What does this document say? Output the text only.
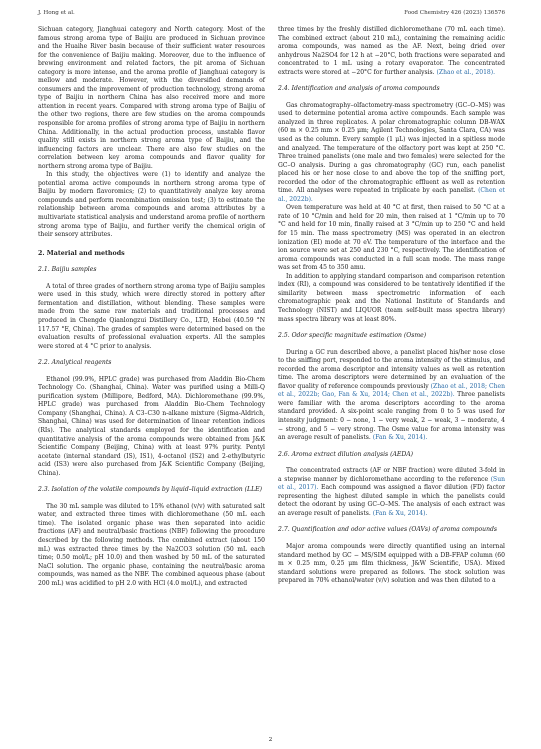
J. Hong et al.	Food Chemistry 426 (2023) 136576

Sichuan category, Jianghuai category and North category. Most of the famous strong aroma type of Baijiu are produced in Sichuan province and the Huaihe River basin because of their sufficient water resources for the convenience of Baijiu making. Moreover, due to the influence of brewing environment and related factors, the pit aroma of Sichuan category is more intense, and the aroma profile of Jianghuai category is mellow and moderate. However, with the diversified demands of consumers and the improvement of production technology, strong aroma type of Baijiu in northern China has also received more and more attention in recent years. Compared with strong aroma type of Baijiu of the other two regions, there are few studies on the aroma compounds responsible for aroma profiles of strong aroma type of Baijiu in northern China. Additionally, in the actual production process, unstable flavor quality still exists in northern strong aroma type of Baijiu, and the influencing factors are unclear. There are also few studies on the correlation between key aroma compounds and flavor quality for northern strong aroma type of Baijiu.

In this study, the objectives were (1) to identify and analyze the potential aroma active compounds in northern strong aroma type of Baijiu by modern flavoromics; (2) to quantitatively analyze key aroma compounds and perform recombination omission test; (3) to estimate the relationship between aroma compounds and aroma attributes by a multivariate statistical analysis and understand aroma profile of northern strong aroma type of Baijiu, and further verify the chemical origin of their sensory attributes.

2. Material and methods
2.1. Baijiu samples

A total of three grades of northern strong aroma type of Baijiu samples were used in this study, which were directly stored in pottery after fermentation and distillation, without blending. These samples were made from the same raw materials and traditional processes and produced in Chengde Qianlongzui Distillery Co., LTD, Hebei (40.59 °N 117.57 °E, China). The grades of samples were determined based on the evaluation results of professional evaluation experts. All the samples were stored at 4 °C prior to analysis.

2.2. Analytical reagents

Ethanol (99.9%, HPLC grade) was purchased from Aladdin Bio-Chem Technology Co. (Shanghai, China). Water was purified using a Milli-Q purification system (Millipore, Bedford, MA). Dichloromethane (99.9%, HPLC grade) was purchased from Aladdin Bio-Chem Technology Company (Shanghai, China). A C3–C30 n-alkane mixture (Sigma-Aldrich, Shanghai, China) was used for determination of linear retention indices (RIs). The analytical standards employed for the identification and quantitative analysis of the aroma compounds were obtained from J&K Scientific Company (Beijing, China) with at least 97% purity. Pentyl acetate (internal standard (IS), IS1), 4-octanol (IS2) and 2-ethylbutyric acid (IS3) were also purchased from J&K Scientific Company (Beijing, China).

2.3. Isolation of the volatile compounds by liquid–liquid extraction (LLE)

The 30 mL sample was diluted to 15% ethanol (v/v) with saturated salt water, and extracted three times with dichloromethane (50 mL each time). The isolated organic phase was then separated into acidic fractions (AF) and neutral/basic fractions (NBF) following the procedure described by the following methods. The combined extract (about 150 mL) was extracted three times by the Na2CO3 solution (50 mL each time; 0.50 mol/L; pH 10.0) and then washed by 50 mL of the saturated NaCl solution. The organic phase, containing the neutral/basic aroma compounds, was named as the NBF. The combined aqueous phase (about 200 mL) was acidified to pH 2.0 with HCl (4.0 mol/L), and extracted

three times by the freshly distilled dichloromethane (70 mL each time). The combined extract (about 210 mL), containing the remaining acidic aroma compounds, was named as the AF. Next, being dried over anhydrous Na2SO4 for 12 h at −20°C, both fractions were separated and concentrated to 1 mL using a rotary evaporator. The concentrated extracts were stored at −20°C for further analysis. (Zhao et al., 2018).

2.4. Identification and analysis of aroma compounds

Gas chromatography–olfactometry-mass spectrometry (GC–O–MS) was used to determine potential aroma active compounds. Each sample was analyzed in three replicates. A polar chromatographic column DB-WAX (60 m × 0.25 mm × 0.25 μm; Agilent Technologies, Santa Clara, CA) was used as the column. Every sample (1 μL) was injected in a spitless mode and analyzed. The temperature of the olfactory port was kept at 250 °C. Three trained panelists (one male and two females) were selected for the GC–O analysis. During a gas chromatography (GC) run, each panelist placed his or her nose close to and above the top of the sniffing port, recorded the odor of the chromatographic effluent as well as retention time. All analyses were repeated in triplicate by each panelist. (Chen et al., 2022b).

Oven temperature was held at 40 °C at first, then raised to 50 °C at a rate of 10 °C/min and held for 20 min, then raised at 1 °C/min up to 70 °C and held for 10 min, finally raised at 3 °C/min up to 250 °C and held for 15 min. The mass spectrometry (MS) was operated in an electron ionization (EI) mode at 70 eV. The temperature of the interface and the ion source were set at 250 and 230 °C, respectively. The identification of aroma compounds was conducted in a full scan mode. The mass range was set from 45 to 350 amu.

In addition to applying standard comparison and comparison retention index (RI), a compound was considered to be tentatively identified if the similarity between mass spectrometric information of each chromatographic peak and the National Institute of Standards and Technology (NIST) and LIQUOR (team self-built mass spectra library) mass spectra library was at least 80%.

2.5. Odor specific magnitude estimation (Osme)

During a GC run described above, a panelist placed his/her nose close to the sniffing port, responded to the aroma intensity of the stimulus, and recorded the aroma descriptor and intensity values as well as retention time. The aroma descriptors were determined by an evaluation of the flavor quality of reference compounds previously (Zhao et al., 2018; Chen et al., 2022b; Gao, Fan & Xu, 2014; Chen et al., 2022b). Three panelists were familiar with the aroma descriptors according to the aroma standard provided. A six-point scale ranging from 0 to 5 was used for intensity judgment: 0 − none, 1 − very weak, 2 − weak, 3 − moderate, 4 − strong, and 5 − very strong. The Osme value for aroma intensity was an average result of panelists. (Fan & Xu, 2014).

2.6. Aroma extract dilution analysis (AEDA)

The concentrated extracts (AF or NBF fraction) were diluted 3-fold in a stepwise manner by dichloromethane according to the reference (Sun et al., 2017). Each compound was assigned a flavor dilution (FD) factor representing the highest diluted sample in which the panelists could detect the odorant by using GC–O–MS. The analysis of each extract was an average result of panelists. (Fan & Xu, 2014).

2.7. Quantification and odor active values (OAVs) of aroma compounds

Major aroma compounds were directly quantified using an internal standard method by GC − MS/SIM equipped with a DB-FFAP column (60 m × 0.25 mm, 0.25 μm film thickness, J&W Scientific, USA). Mixed standard solutions were prepared as follows. The stock solution was prepared in 70% ethanol/water (v/v) solution and was then diluted to a

2
